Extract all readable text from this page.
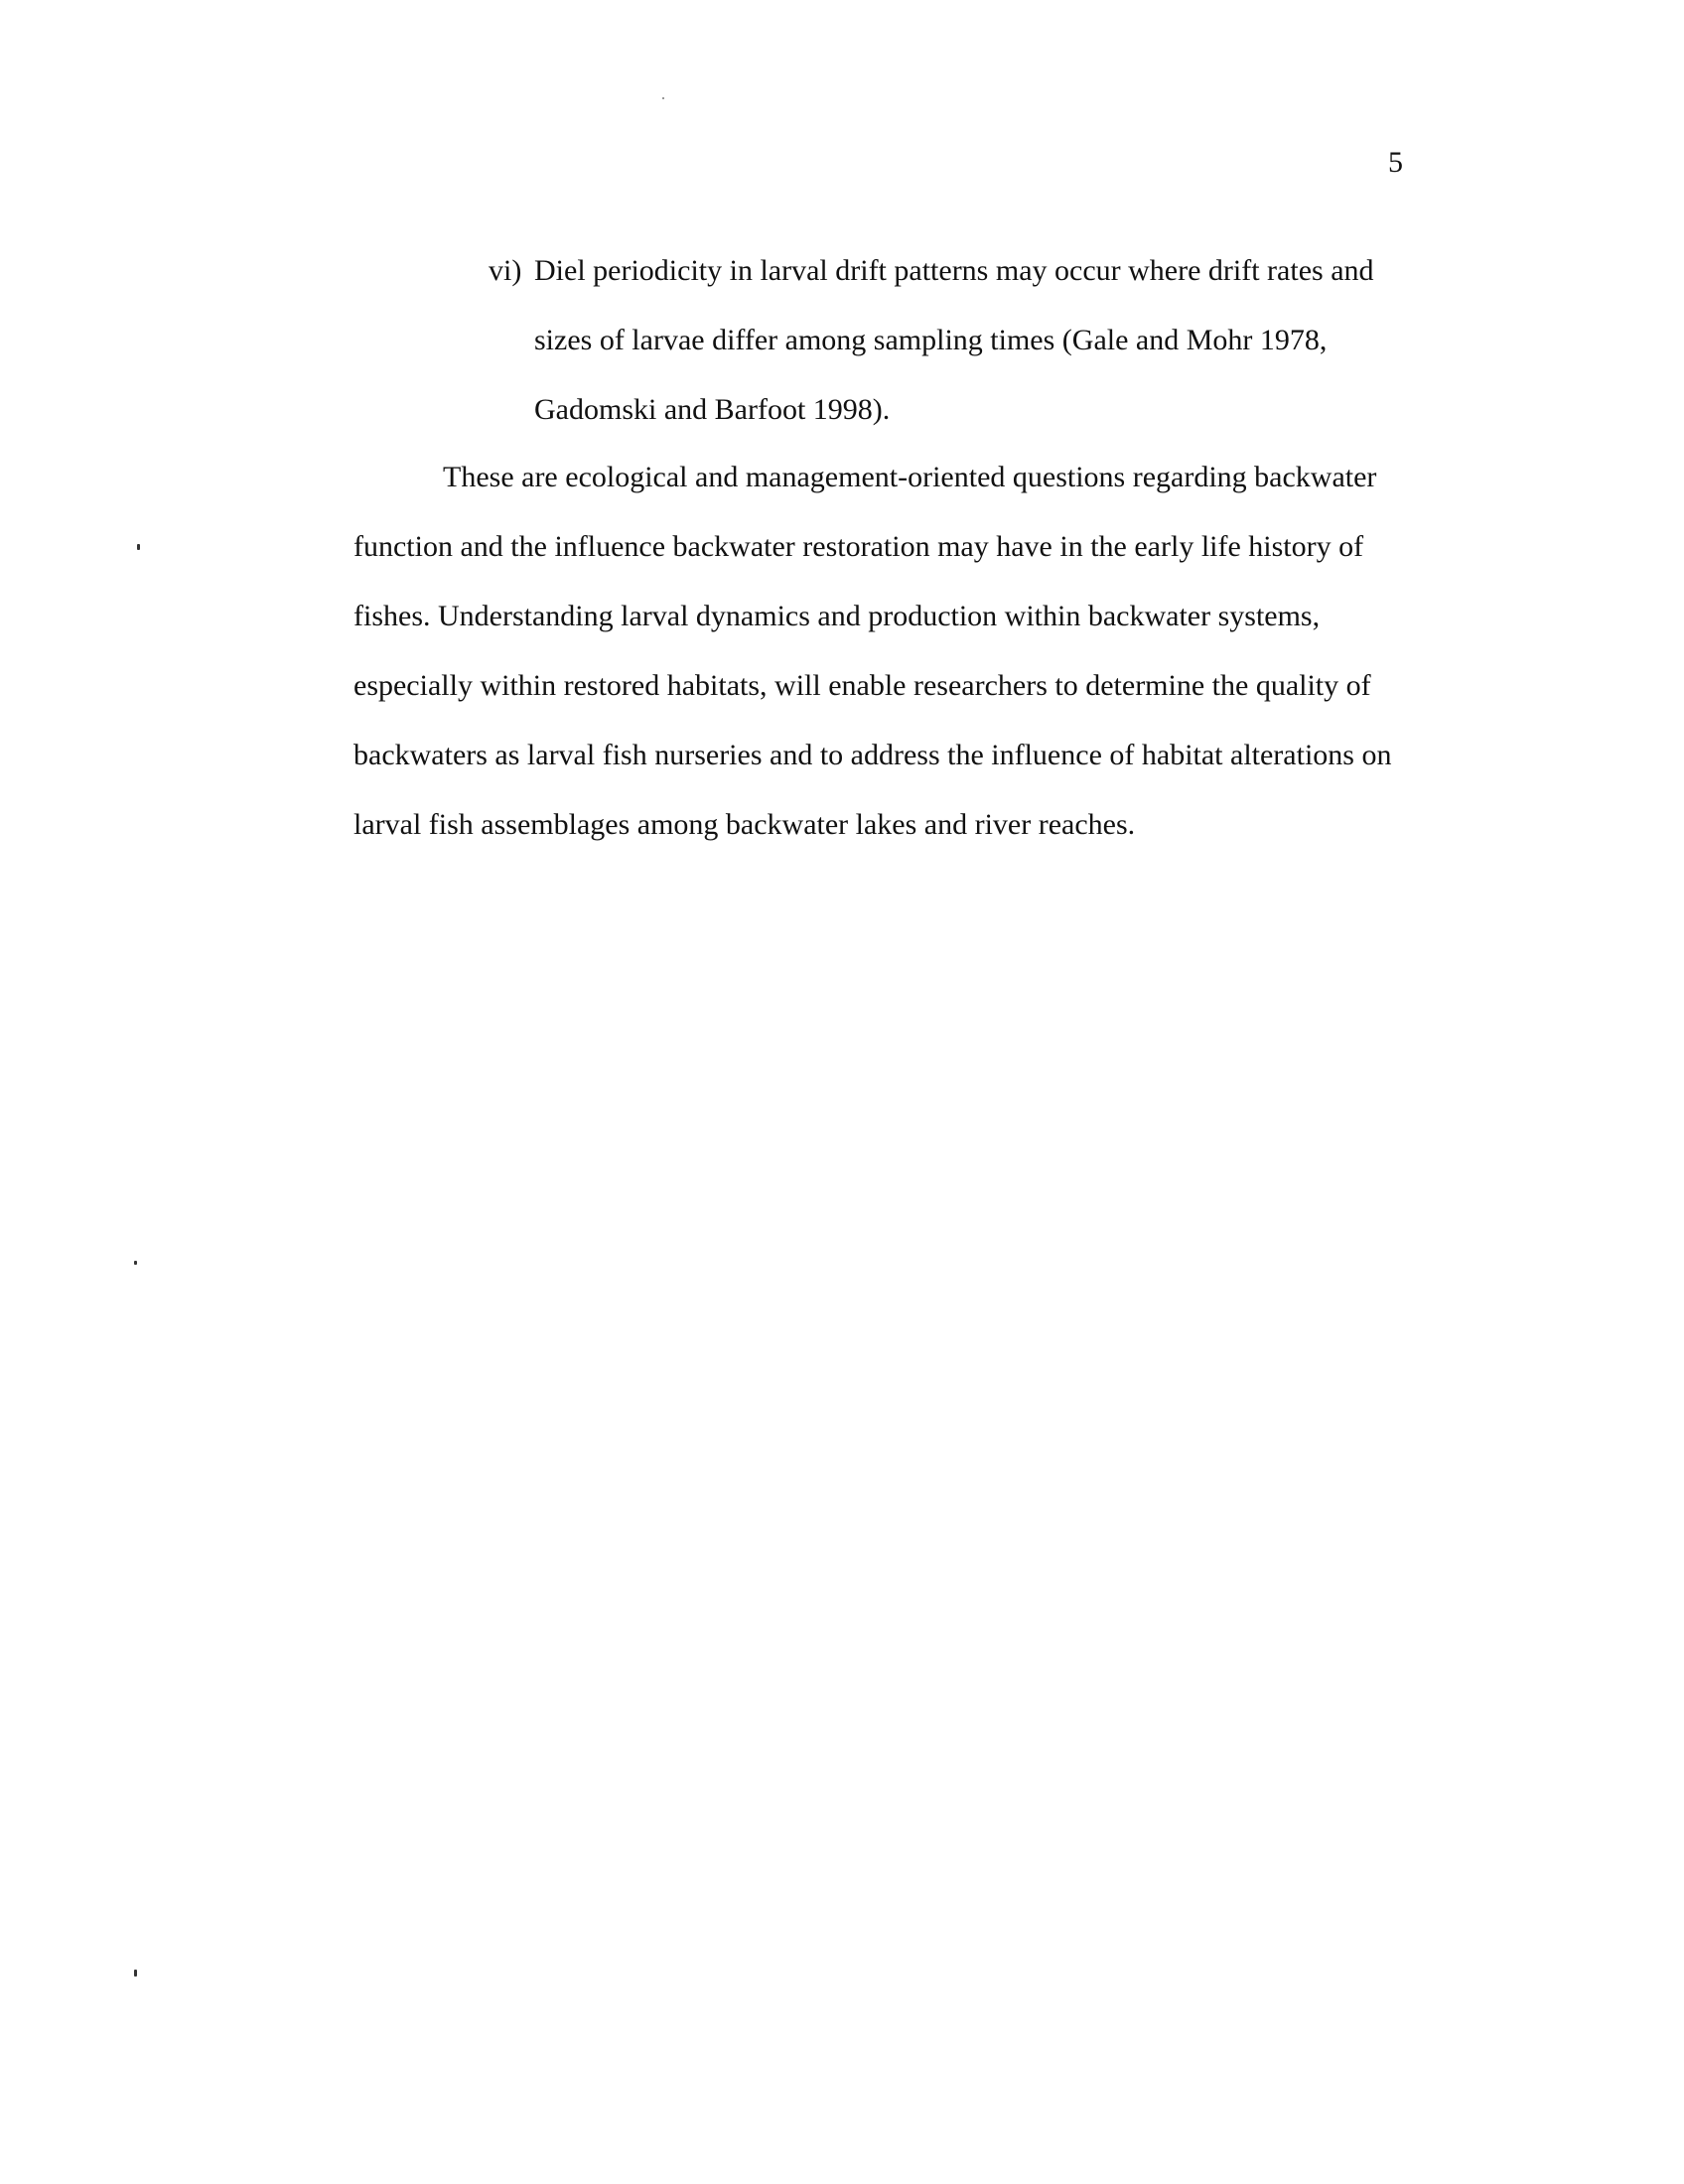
5
vi) Diel periodicity in larval drift patterns may occur where drift rates and
sizes of larvae differ among sampling times (Gale and Mohr 1978,
Gadomski and Barfoot 1998).
These are ecological and management-oriented questions regarding backwater
function and the influence backwater restoration may have in the early life history of
fishes. Understanding larval dynamics and production within backwater systems,
especially within restored habitats, will enable researchers to determine the quality of
backwaters as larval fish nurseries and to address the influence of habitat alterations on
larval fish assemblages among backwater lakes and river reaches.
